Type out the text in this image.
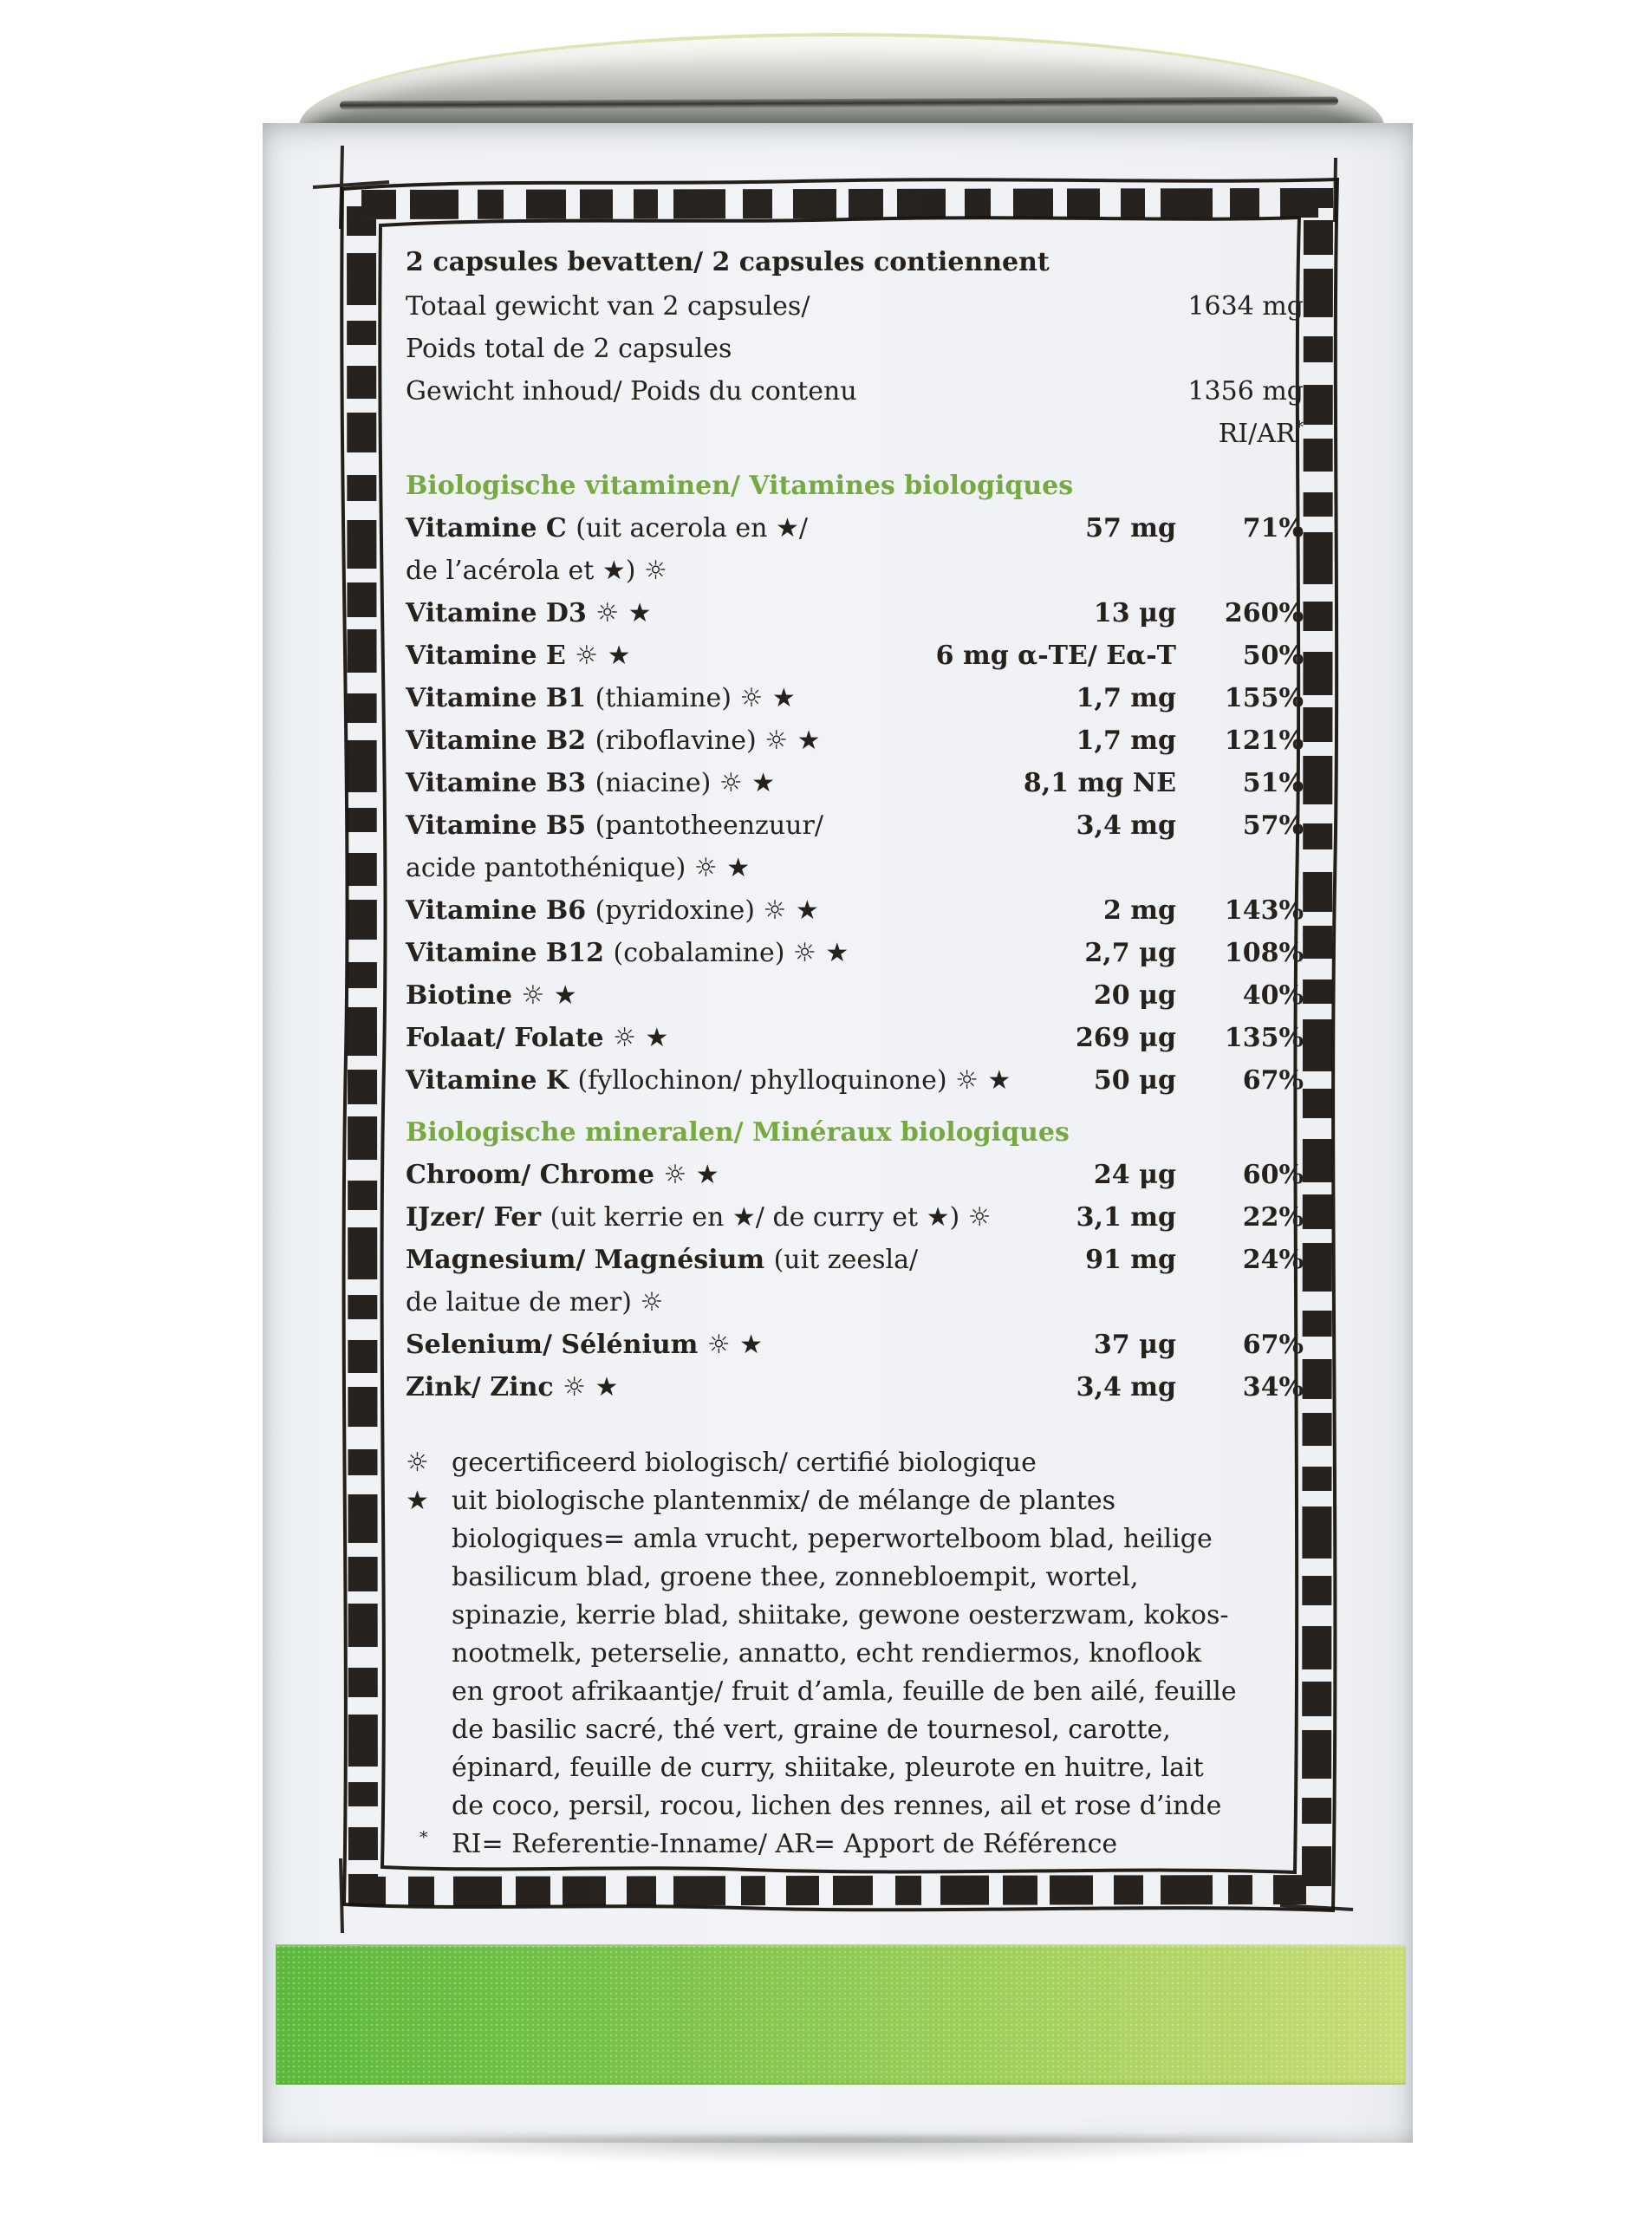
2 capsules bevatten/ 2 capsules contiennent
Totaal gewicht van 2 capsules/	1634 mg
Poids total de 2 capsules
Gewicht inhoud/ Poids du contenu	1356 mg
RI/AR*
Biologische vitaminen/ Vitamines biologiques
Vitamine C (uit acerola en ★/	57 mg	71%
de l’acérola et ★) ☼
Vitamine D3 ☼ ★	13 μg 260%
Vitamine E ☼ ★	6 mg α-TE/ Eα-T	50%
Vitamine B1 (thiamine) ☼ ★	1,7 mg 155%
Vitamine B2 (riboflavine) ☼ ★	1,7 mg 121%
Vitamine B3 (niacine) ☼ ★	8,1 mg NE	51%
Vitamine B5 (pantotheenzuur/	3,4 mg	57%
acide pantothénique) ☼ ★
Vitamine B6 (pyridoxine) ☼ ★	2 mg 143%
Vitamine B12 (cobalamine) ☼ ★	2,7 μg 108%
Biotine ☼ ★	20 μg	40%
Folaat/ Folate ☼ ★	269 μg 135%
Vitamine K (fyllochinon/ phylloquinone) ☼ ★	50 μg	67%
Biologische mineralen/ Minéraux biologiques
Chroom/ Chrome ☼ ★	24 μg	60%
IJzer/ Fer (uit kerrie en ★/ de curry et ★) ☼	3,1 mg	22%
Magnesium/ Magnésium (uit zeesla/	91 mg	24%
de laitue de mer) ☼
Selenium/ Sélénium ☼ ★	37 μg	67%
Zink/ Zinc ☼ ★	3,4 mg	34%
☼ gecertificeerd biologisch/ certifié biologique
★ uit biologische plantenmix/ de mélange de plantes
biologiques= amla vrucht, peperwortelboom blad, heilige
basilicum blad, groene thee, zonnebloempit, wortel,
spinazie, kerrie blad, shiitake, gewone oesterzwam, kokos-
nootmelk, peterselie, annatto, echt rendiermos, knoflook
en groot afrikaantje/ fruit d’amla, feuille de ben ailé, feuille
de basilic sacré, thé vert, graine de tournesol, carotte,
épinard, feuille de curry, shiitake, pleurote en huitre, lait
de coco, persil, rocou, lichen des rennes, ail et rose d’inde
* RI= Referentie-Inname/ AR= Apport de Référence
